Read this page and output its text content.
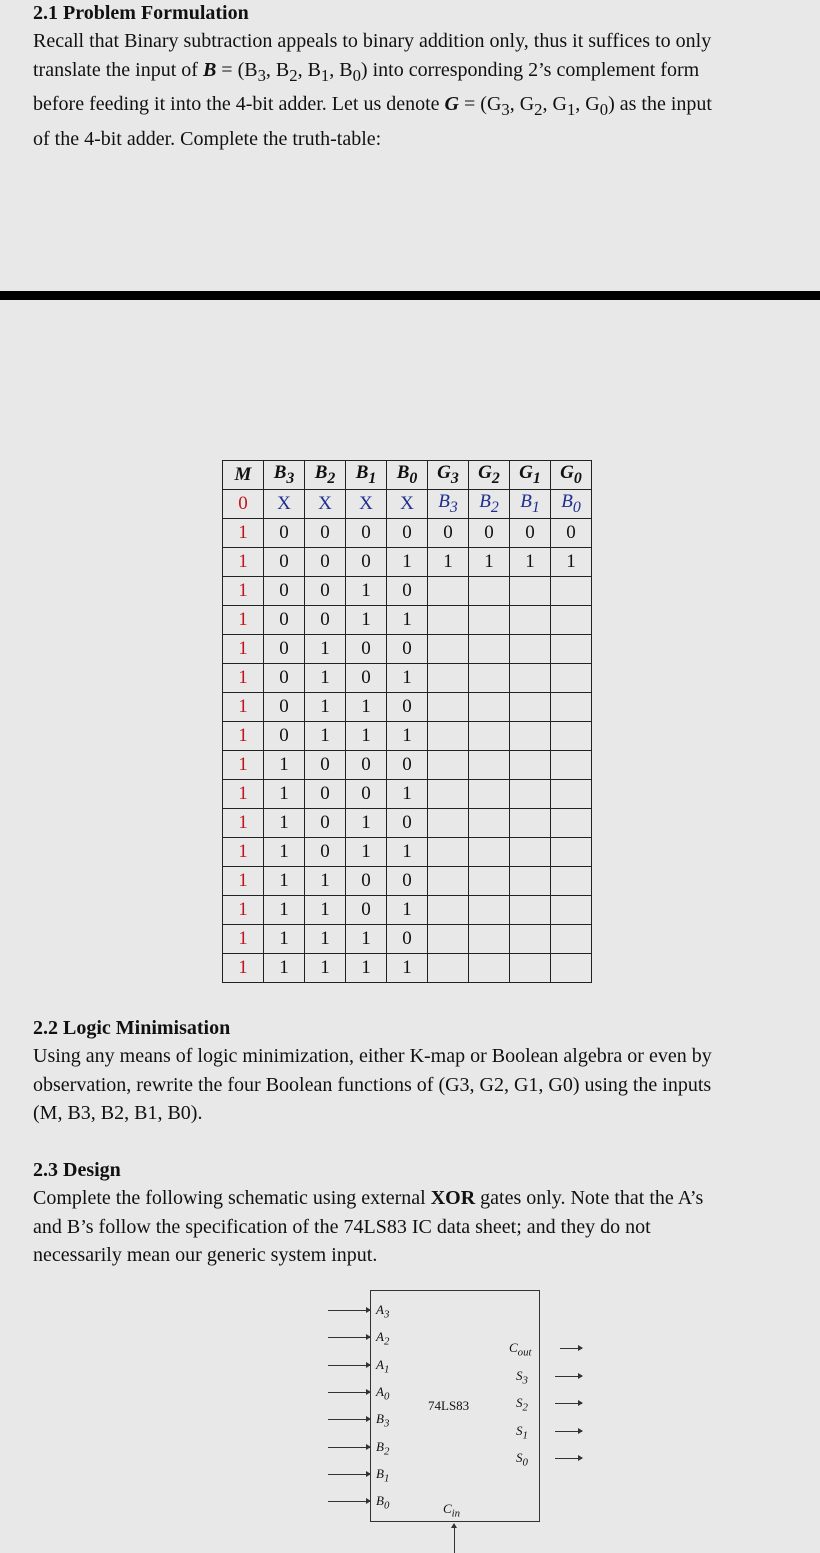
2.1 Problem Formulation

Recall that Binary subtraction appeals to binary addition only, thus it suffices to only

translate the input of $B = (B_3$, $B_2$, $B_1$, $B_0$) into corresponding 2’s complement form

before feeding it into the 4-bit adder. Let us denote $G = (G_3$, $G_2$, $G_1$, $G_0$) as the input

of the 4-bit adder. Complete the truth-table:

M	$B_3$	$B_2$	$B_1$	$B_0$	$G_3$	$G_2$	$G_1$	$G_0$
0	X	X	X	X	$B_3$	$B_2$	$B_1$	$B_0$
1	0	0	0	0	0	0	0	0
1	0	0	0	1	1	1	1	1
1	0	0	1	0				
1	0	0	1	1				
1	0	1	0	0				
1	0	1	0	1				
1	0	1	1	0				
1	0	1	1	1				
1	1	0	0	0				
1	1	0	0	1				
1	1	0	1	0				
1	1	0	1	1				
1	1	1	0	0				
1	1	1	0	1				
1	1	1	1	0				
1	1	1	1	1				
2.2 Logic Minimisation

Using any means of logic minimization, either K-map or Boolean algebra or even by

observation, rewrite the four Boolean functions of (G3, G2, G1, G0) using the inputs

(M, B3, B2, B1, B0).

2.3 Design

Complete the following schematic using external XOR gates only. Note that the A’s

and B’s follow the specification of the 74LS83 IC data sheet; and they do not

necessarily mean our generic system input.

$A_3$
$A_2$
$A_1$
$A_0$
$B_3$
$B_2$
$B_1$
$B_0$
$C_{out}$
$S_3$
$S_2$
$S_1$
$S_0$
$C_{in}$
74LS83
